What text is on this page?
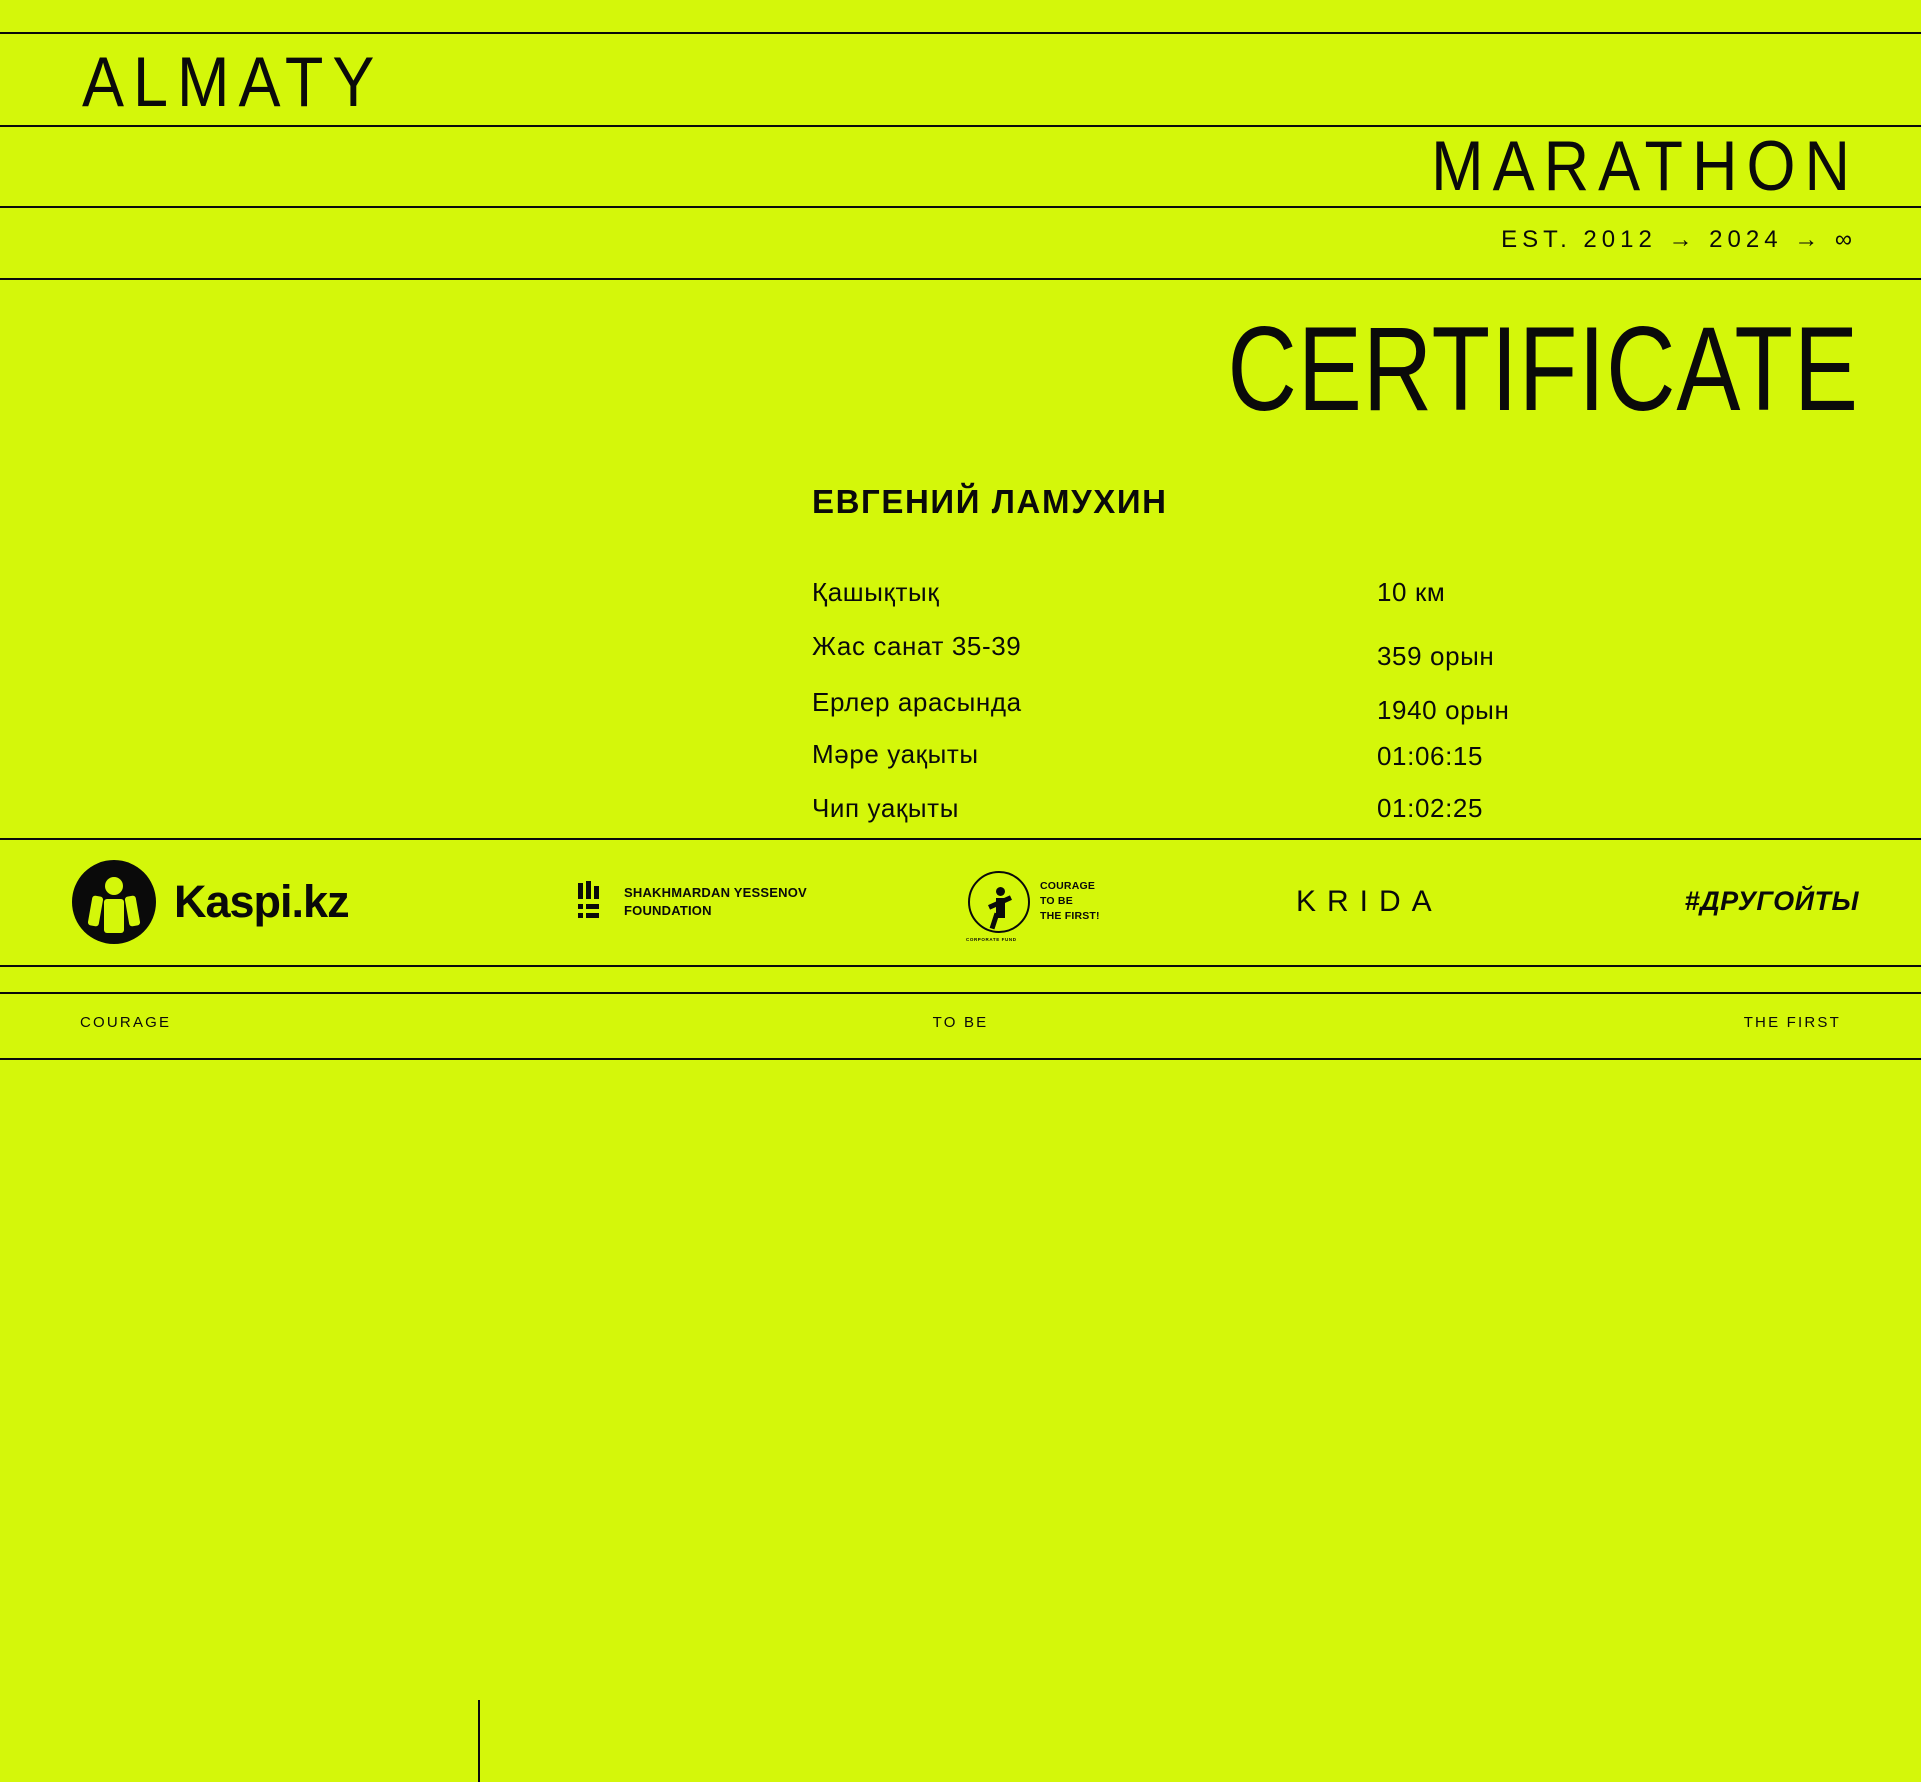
ALMATY
MARATHON
EST. 2012 → 2024 → ∞
CERTIFICATE
ЕВГЕНИЙ ЛАМУХИН
Қашықтық	10 км
Жас санат 35-39	359 орын
Ерлер арасында	1940 орын
Мәре уақыты	01:06:15
Чип уақыты	01:02:25
Kaspi.kz	SHAKHMARDAN YESSENOV
FOUNDATION
CORPORATE FUND
COURAGE
TO BE
THE FIRST!	KRIDA	#ДРУГОЙТЫ
COURAGE	TO BE	THE FIRST
